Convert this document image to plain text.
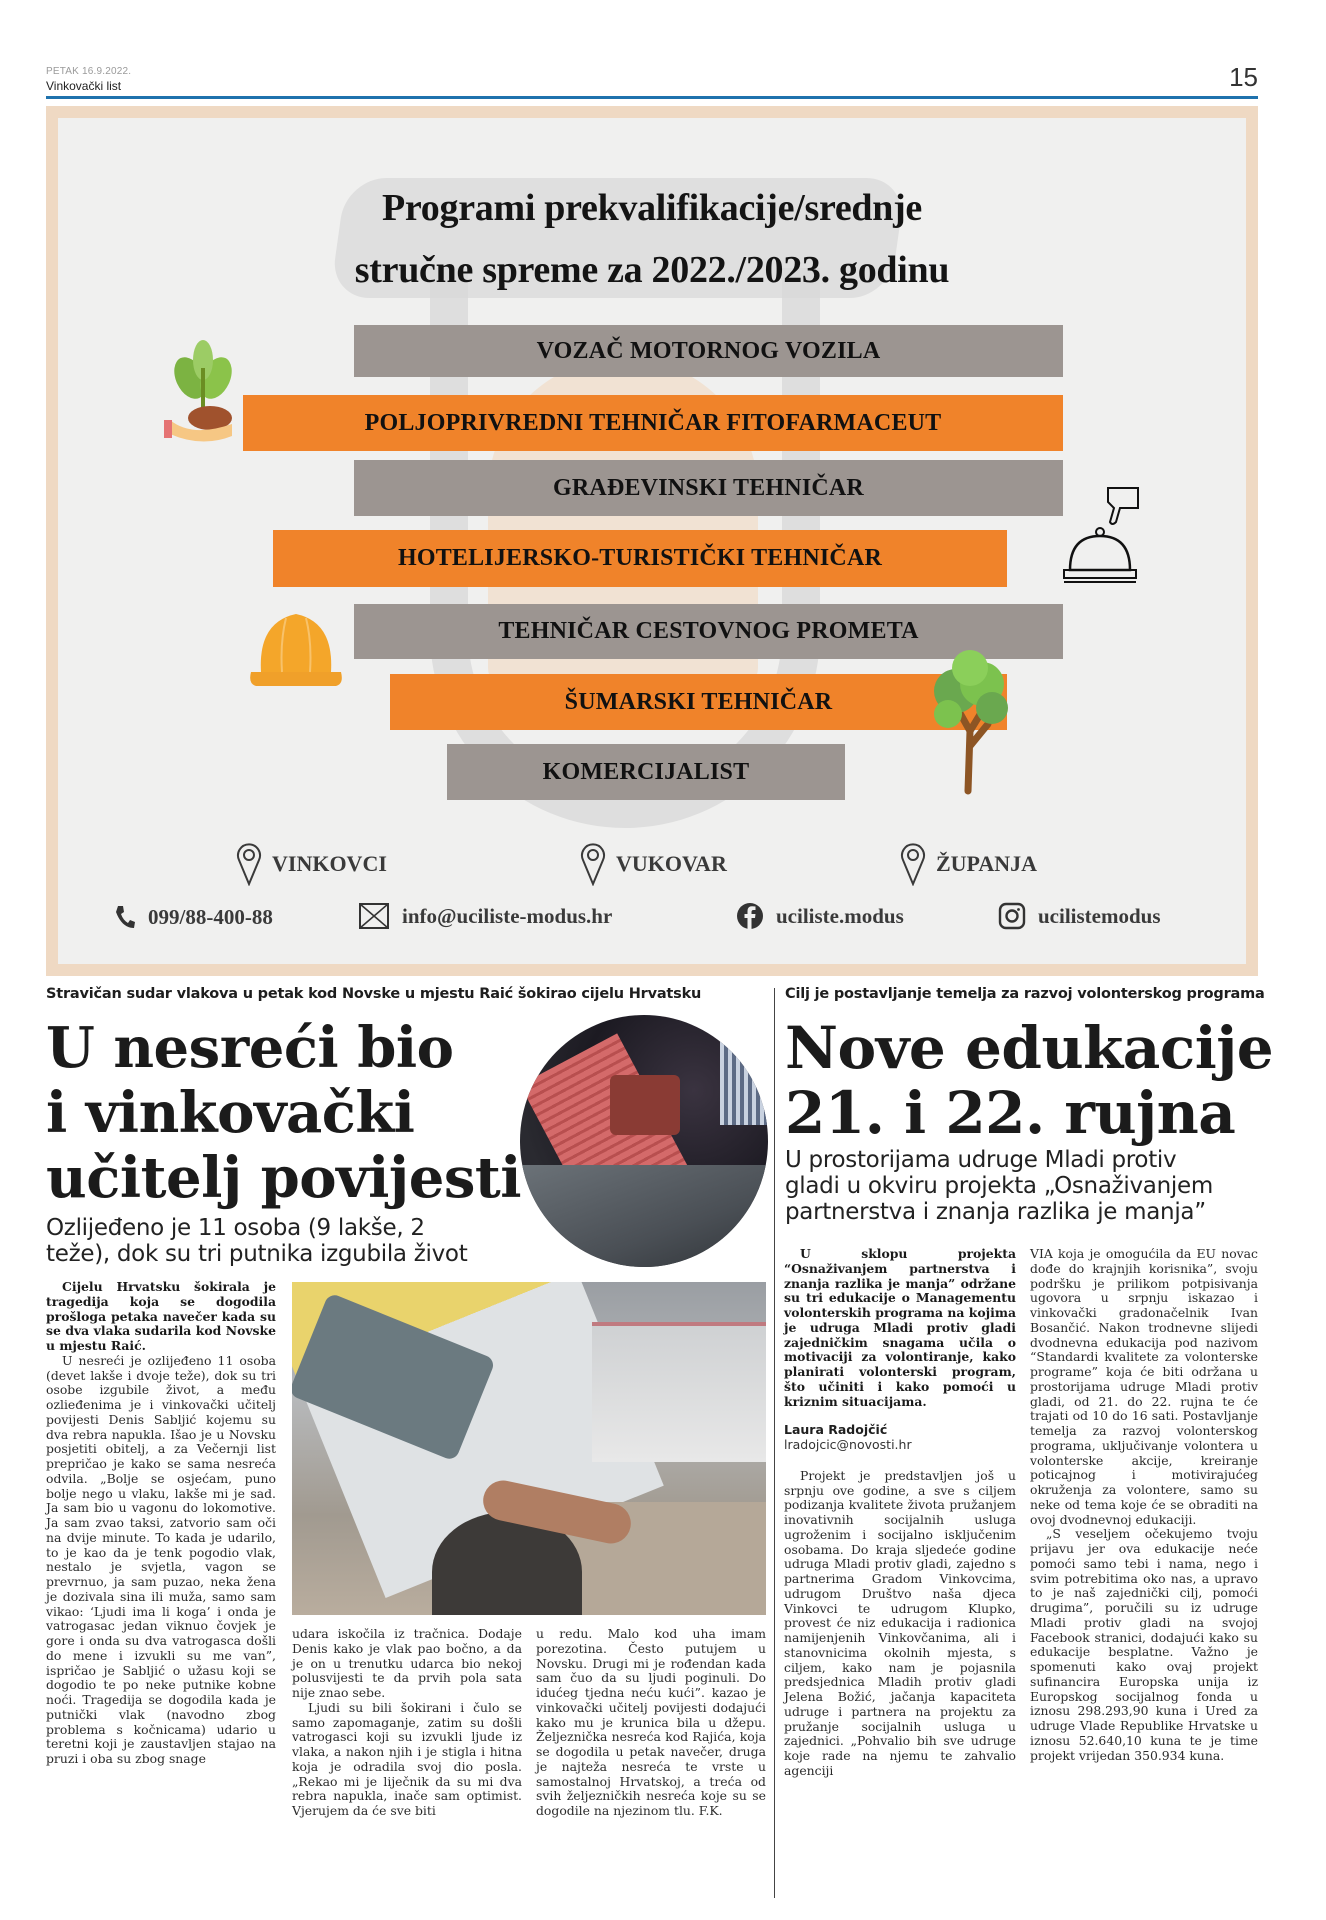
PETAK 16.9.2022.
Vinkovački list	15
Programi prekvalifikacije/srednje
stručne spreme za 2022./2023. godinu
VOZAČ MOTORNOG VOZILA
POLJOPRIVREDNI TEHNIČAR FITOFARMACEUT
GRAĐEVINSKI TEHNIČAR
HOTELIJERSKO-TURISTIČKI TEHNIČAR
TEHNIČAR CESTOVNOG PROMETA
ŠUMARSKI TEHNIČAR
KOMERCIJALIST
VINKOVCI	VUKOVAR	ŽUPANJA
099/88-400-88	info@uciliste-modus.hr	uciliste.modus	ucilistemodus
Stravičan sudar vlakova u petak kod Novske u mjestu Raić šokirao cijelu Hrvatsku
U nesreći bio
i vinkovački
učitelj povijesti
Ozlijeđeno je 11 osoba (9 lakše, 2
teže), dok su tri putnika izgubila život

Cijelu Hrvatsku šokirala je tragedija koja se dogodila prošloga petaka navečer kada su se dva vlaka sudarila kod Novske u mjestu Raić.

U nesreći je ozlijeđeno 11 osoba (devet lakše i dvoje teže), dok su tri osobe izgubile život, a među ozlieđenima je i vinkovački učitelj povijesti Denis Sabljić kojemu su dva rebra napukla. Išao je u Novsku posjetiti obitelj, a za Večernji list prepričao je kako se sama nesreća odvila. „Bolje se osjećam, puno bolje nego u vlaku, lakše mi je sad. Ja sam bio u vagonu do lokomotive. Ja sam zvao taksi, zatvorio sam oči na dvije minute. To kada je udarilo, to je kao da je tenk pogodio vlak, nestalo je svjetla, vagon se prevrnuo, ja sam puzao, neka žena je dozivala sina ili muža, samo sam vikao: ‘Ljudi ima li koga’ i onda je vatrogasac jedan viknuo čovjek je gore i onda su dva vatrogasca došli do mene i izvukli su me van”, ispričao je Sabljić o užasu koji se dogodio te po neke putnike kobne noći. Tragedija se dogodila kada je putnički vlak (navodno zbog problema s kočnicama) udario u teretni koji je zaustavljen stajao na pruzi i oba su zbog snage

udara iskočila iz tračnica. Dodaje Denis kako je vlak pao bočno, a da je on u trenutku udarca bio nekoj polusvijesti te da prvih pola sata nije znao sebe.

Ljudi su bili šokirani i čulo se samo zapomaganje, zatim su došli vatrogasci koji su izvukli ljude iz vlaka, a nakon njih i je stigla i hitna koja je odradila svoj dio posla. „Rekao mi je liječnik da su mi dva rebra napukla, inače sam optimist. Vjerujem da će sve biti

u redu. Malo kod uha imam porezotina. Često putujem u Novsku. Drugi mi je rođendan kada sam čuo da su ljudi poginuli. Do idućeg tjedna neću kući”. kazao je vinkovački učitelj povijesti dodajući kako mu je krunica bila u džepu. Željeznička nesreća kod Rajića, koja se dogodila u petak navečer, druga je najteža nesreća te vrste u samostalnoj Hrvatskoj, a treća od svih željezničkih nesreća koje su se dogodile na njezinom tlu. F.K.

Cilj je postavljanje temelja za razvoj volonterskog programa
Nove edukacije
21. i 22. rujna
U prostorijama udruge Mladi protiv
gladi u okviru projekta „Osnaživanjem
partnerstva i znanja razlika je manja”

U sklopu projekta “Osnaživanjem partnerstva i znanja razlika je manja” održane su tri edukacije o Managementu volonterskih programa na kojima je udruga Mladi protiv gladi zajedničkim snagama učila o motivaciji za volontiranje, kako planirati volonterski program, što učiniti i kako pomoći u kriznim situacijama.

Laura Radojčić
lradojcic@novosti.hr

Projekt je predstavljen još u srpnju ove godine, a sve s ciljem podizanja kvalitete života pružanjem inovativnih socijalnih usluga ugroženim i socijalno isključenim osobama. Do kraja sljedeće godine udruga Mladi protiv gladi, zajedno s partnerima Gradom Vinkovcima, udrugom Društvo naša djeca Vinkovci te udrugom Klupko, provest će niz edukacija i radionica namijenjenih Vinkovčanima, ali i stanovnicima okolnih mjesta, s ciljem, kako nam je pojasnila predsjednica Mladih protiv gladi Jelena Božić, jačanja kapaciteta udruge i partnera na projektu za pružanje socijalnih usluga u zajednici. „Pohvalio bih sve udruge koje rade na njemu te zahvalio agenciji

VIA koja je omogućila da EU novac dođe do krajnjih korisnika”, svoju podršku je prilikom potpisivanja ugovora u srpnju iskazao i vinkovački gradonačelnik Ivan Bosančić. Nakon trodnevne slijedi dvodnevna edukacija pod nazivom “Standardi kvalitete za volonterske programe” koja će biti održana u prostorijama udruge Mladi protiv gladi, od 21. do 22. rujna te će trajati od 10 do 16 sati. Postavljanje temelja za razvoj volonterskog programa, uključivanje volontera u volonterske akcije, kreiranje poticajnog i motivirajućeg okruženja za volontere, samo su neke od tema koje će se obraditi na ovoj dvodnevnoj edukaciji.

„S veseljem očekujemo tvoju prijavu jer ova edukacije neće pomoći samo tebi i nama, nego i svim potrebitima oko nas, a upravo to je naš zajednički cilj, pomoći drugima”, poručili su iz udruge Mladi protiv gladi na svojoj Facebook stranici, dodajući kako su edukacije besplatne. Važno je spomenuti kako ovaj projekt sufinancira Europska unija iz Europskog socijalnog fonda u iznosu 298.293,90 kuna i Ured za udruge Vlade Republike Hrvatske u iznosu 52.640,10 kuna te je time projekt vrijedan 350.934 kuna.
